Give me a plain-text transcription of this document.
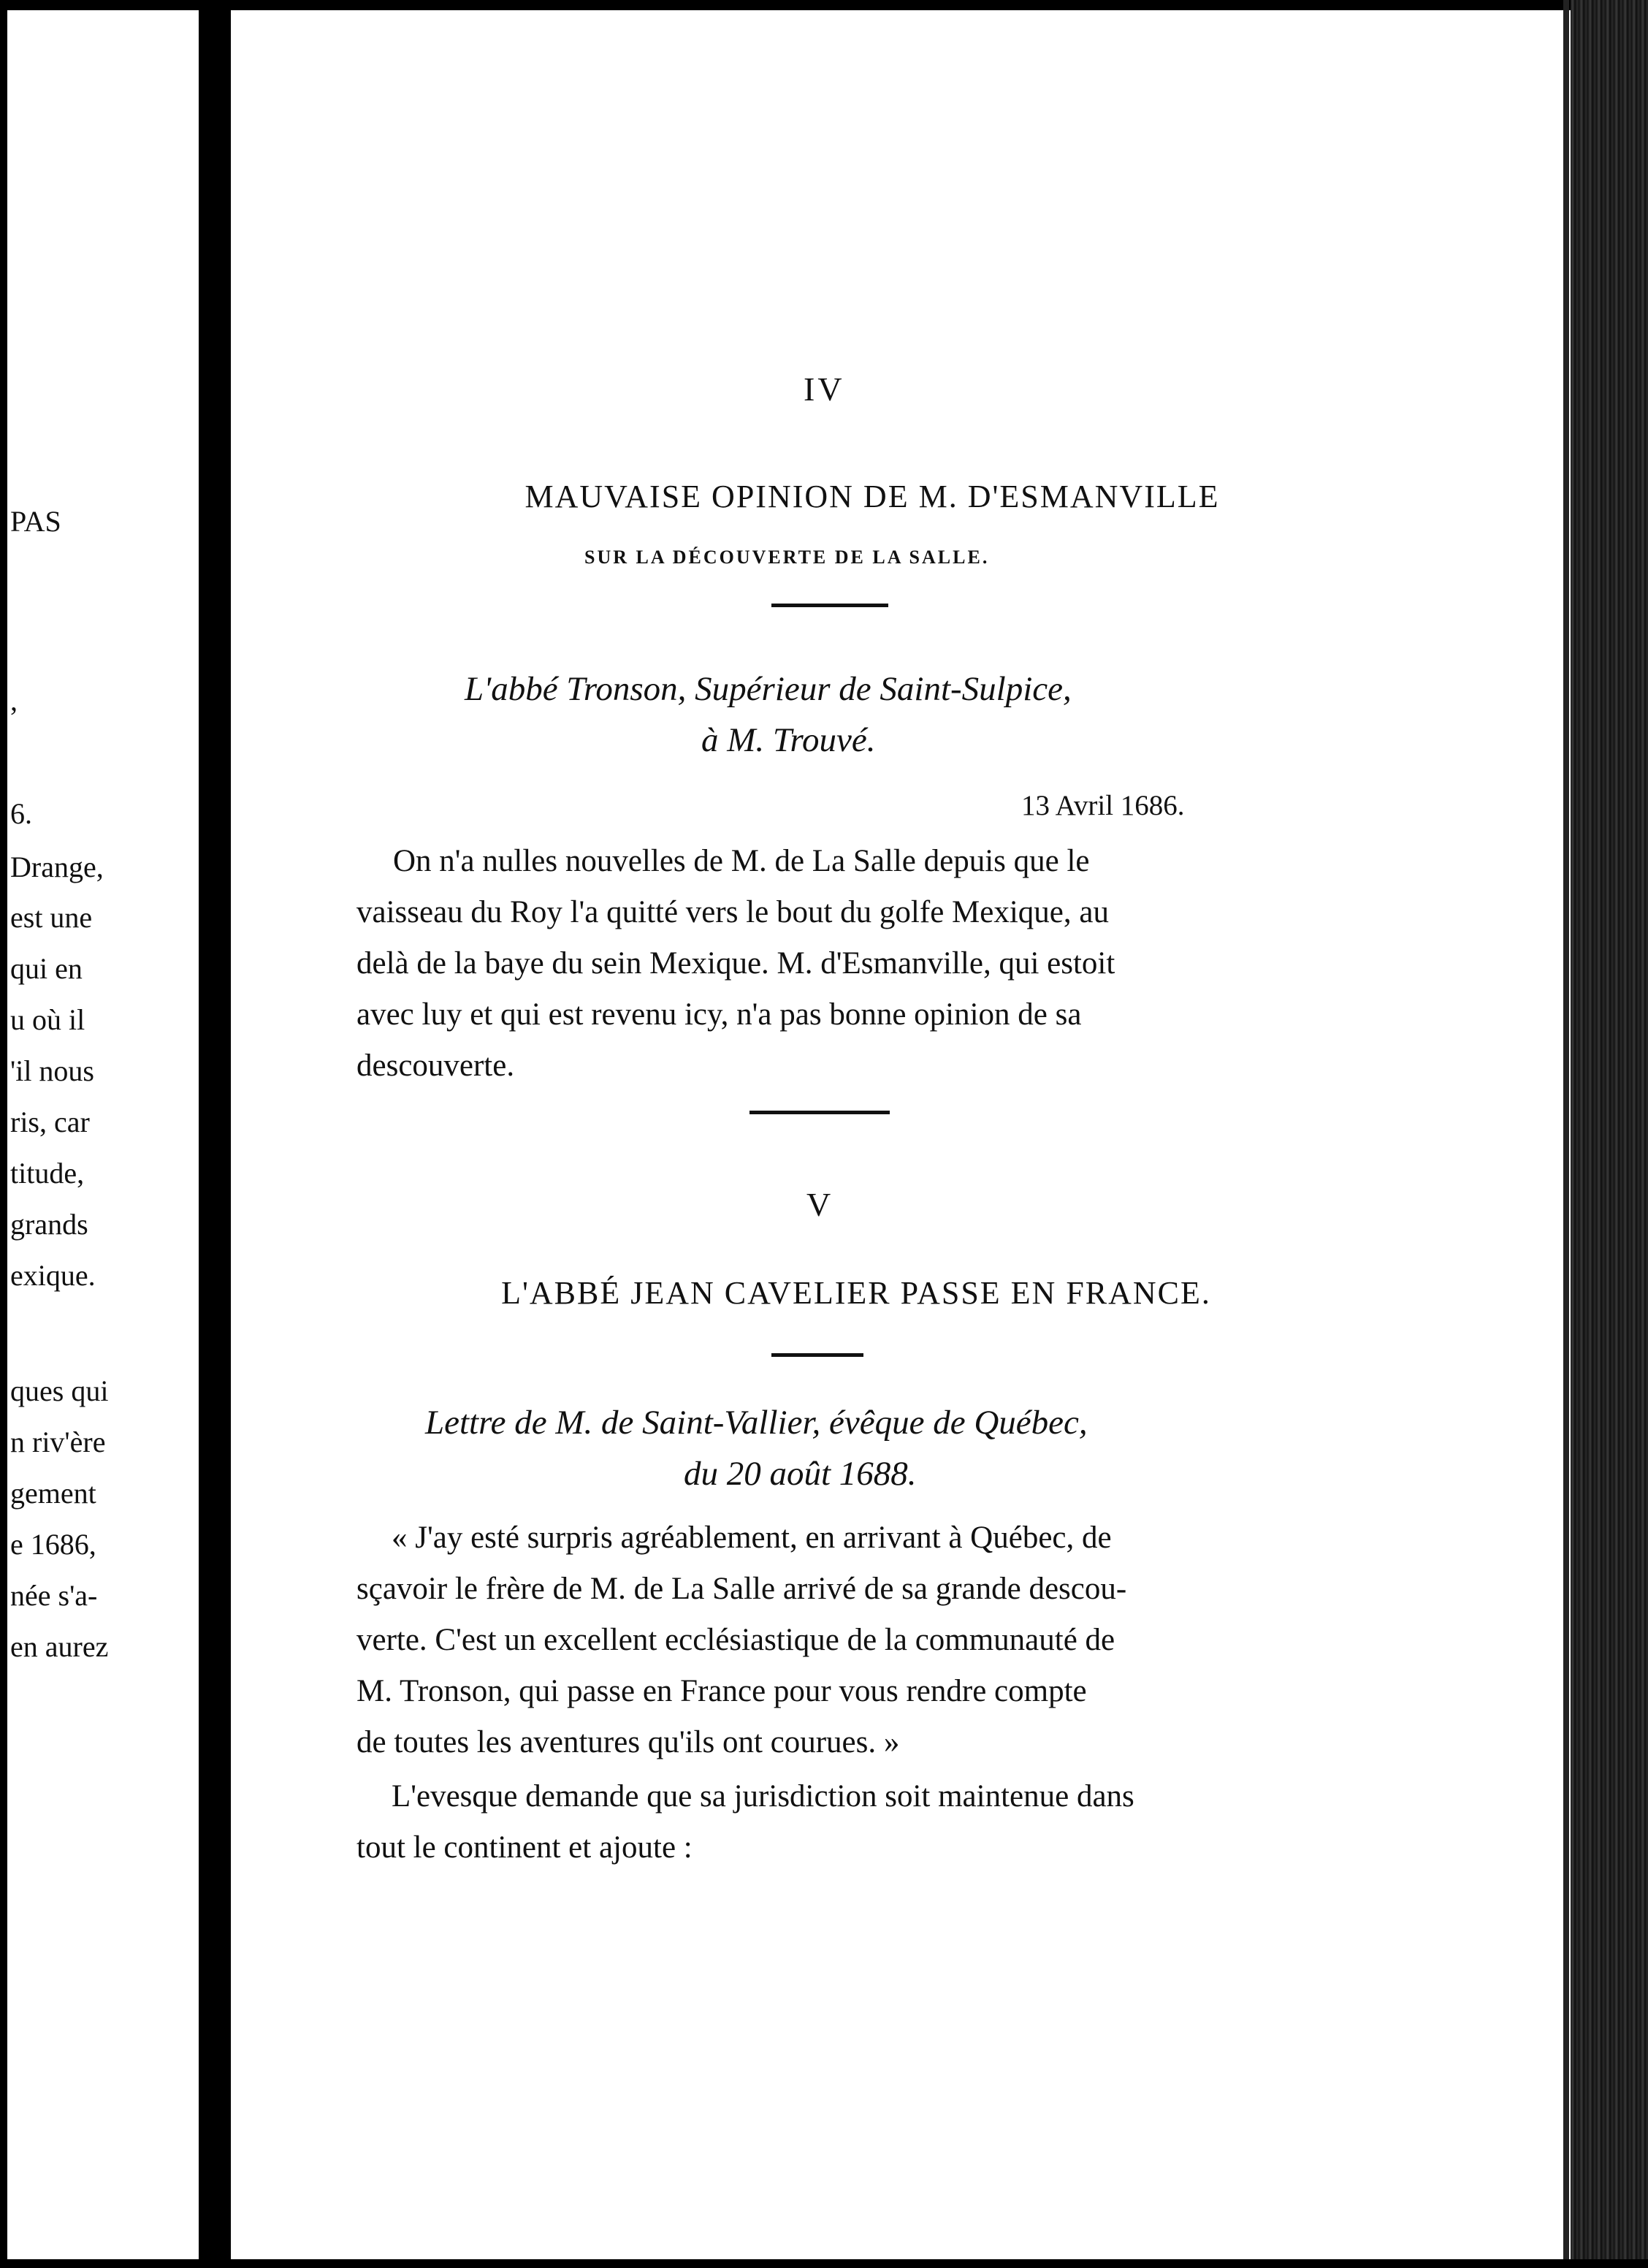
PAS
,
6.
Drange,
est une
qui en
u où il
'il nous
ris, car
titude,
grands
exique.
ques qui
n riv'ère
gement
e 1686,
née s'a-
en aurez
IV
MAUVAISE OPINION DE M. D'ESMANVILLE
SUR LA DÉCOUVERTE DE LA SALLE.
L'abbé Tronson, Supérieur de Saint-Sulpice,
à M. Trouvé.
13 Avril 1686.
On n'a nulles nouvelles de M. de La Salle depuis que le
vaisseau du Roy l'a quitté vers le bout du golfe Mexique, au
delà de la baye du sein Mexique. M. d'Esmanville, qui estoit
avec luy et qui est revenu icy, n'a pas bonne opinion de sa
descouverte.
V
L'ABBÉ JEAN CAVELIER PASSE EN FRANCE.
Lettre de M. de Saint-Vallier, évêque de Québec,
du 20 août 1688.
« J'ay esté surpris agréablement, en arrivant à Québec, de
sçavoir le frère de M. de La Salle arrivé de sa grande descou-
verte. C'est un excellent ecclésiastique de la communauté de
M. Tronson, qui passe en France pour vous rendre compte
de toutes les aventures qu'ils ont courues. »
L'evesque demande que sa jurisdiction soit maintenue dans
tout le continent et ajoute :
